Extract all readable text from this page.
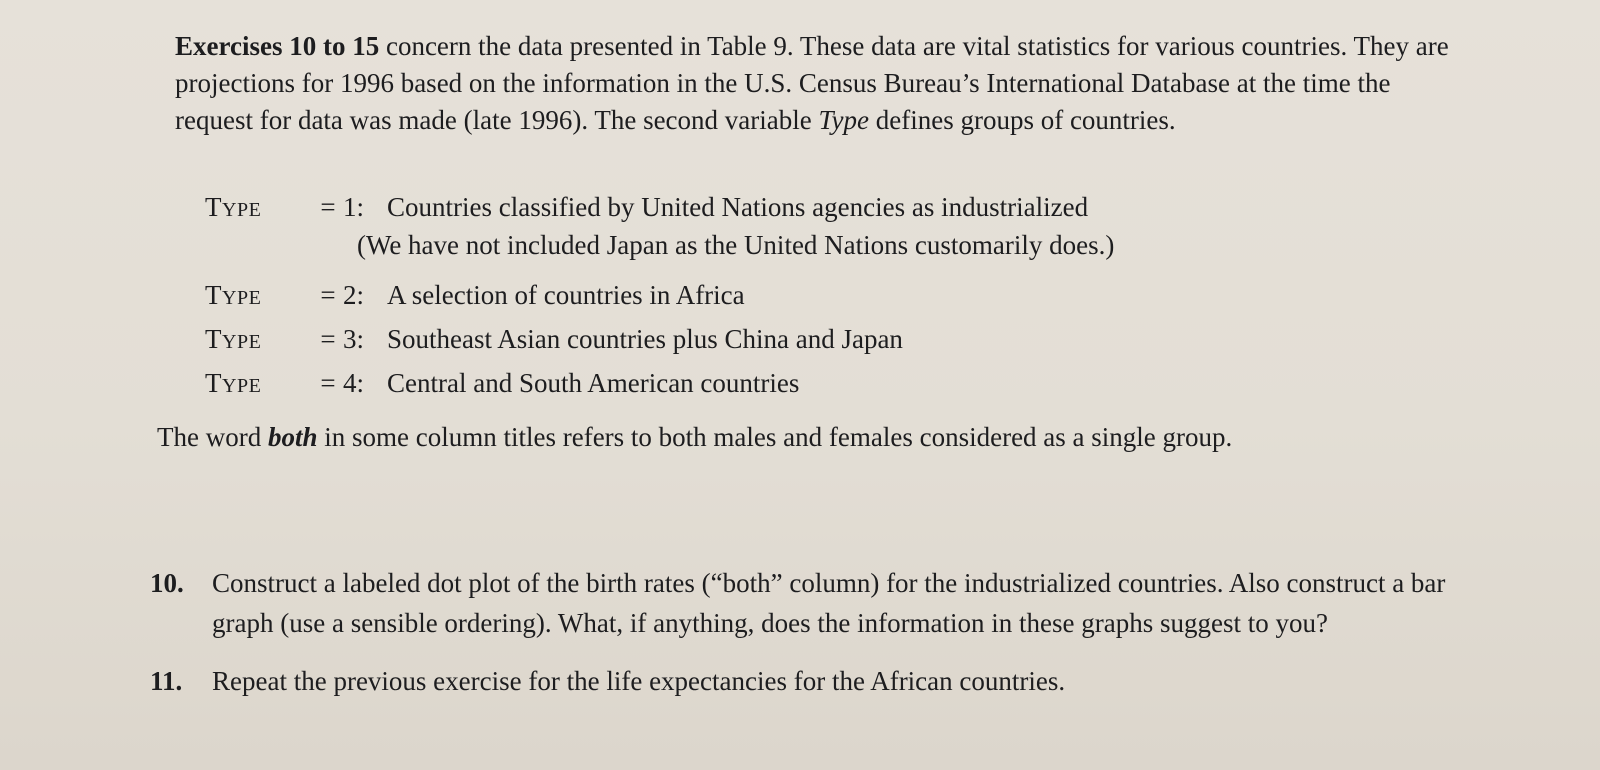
Exercises 10 to 15 concern the data presented in Table 9. These data are vital statistics for various countries. They are projections for 1996 based on the information in the U.S. Census Bureau’s International Database at the time the request for data was made (late 1996). The second variable Type defines groups of countries.

TYPE = 1: Countries classified by United Nations agencies as industrialized
(We have not included Japan as the United Nations customarily does.)
TYPE = 2: A selection of countries in Africa
TYPE = 3: Southeast Asian countries plus China and Japan
TYPE = 4: Central and South American countries

The word both in some column titles refers to both males and females considered as a single group.

10. Construct a labeled dot plot of the birth rates (“both” column) for the industrialized countries. Also construct a bar graph (use a sensible ordering). What, if anything, does the information in these graphs suggest to you?
11. Repeat the previous exercise for the life expectancies for the African countries.
